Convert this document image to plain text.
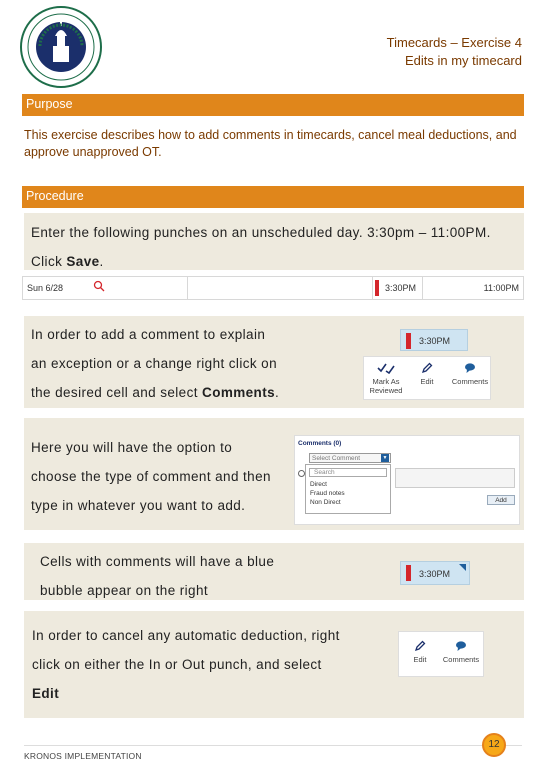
Timecards – Exercise 4
Edits in my timecard
Purpose
This exercise describes how to add comments in timecards, cancel meal deductions, and approve unapproved OT.
Procedure
Enter the following punches on an unscheduled day. 3:30pm – 11:00PM.
Click Save.
Sun 6/28	3:30PM	11:00PM
In order to add a comment to explain
an exception or a change right click on
the desired cell and select Comments.
3:30PM
Mark As
Reviewed
Edit	Comments
Here you will have the option to
choose the type of comment and then
type in whatever you want to add.
Comments (0)
Select Comment	▼
Search
Direct
Fraud notes
Non Direct	Add
Cells with comments will have a blue
bubble appear on the right
3:30PM
In order to cancel any automatic deduction, right
click on either the In or Out punch, and select
Edit
Edit	Comments
KRONOS IMPLEMENTATION
12
